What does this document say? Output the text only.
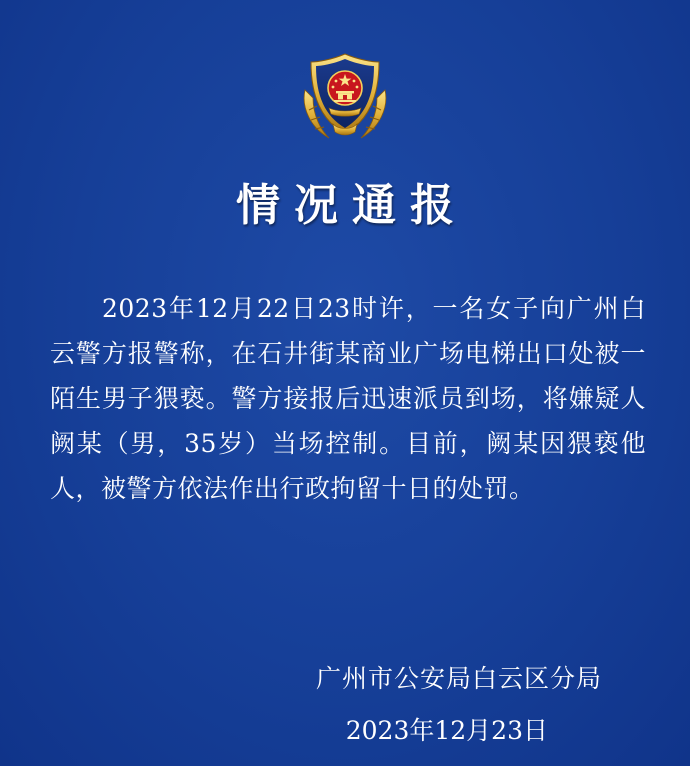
情况通报

2023年12月22日23时许，一名女子向广州白云警方报警称，在石井街某商业广场电梯出口处被一陌生男子猥亵。警方接报后迅速派员到场，将嫌疑人阙某（男，35岁）当场控制。目前，阙某因猥亵他人，被警方依法作出行政拘留十日的处罚。

广州市公安局白云区分局
2023年12月23日
